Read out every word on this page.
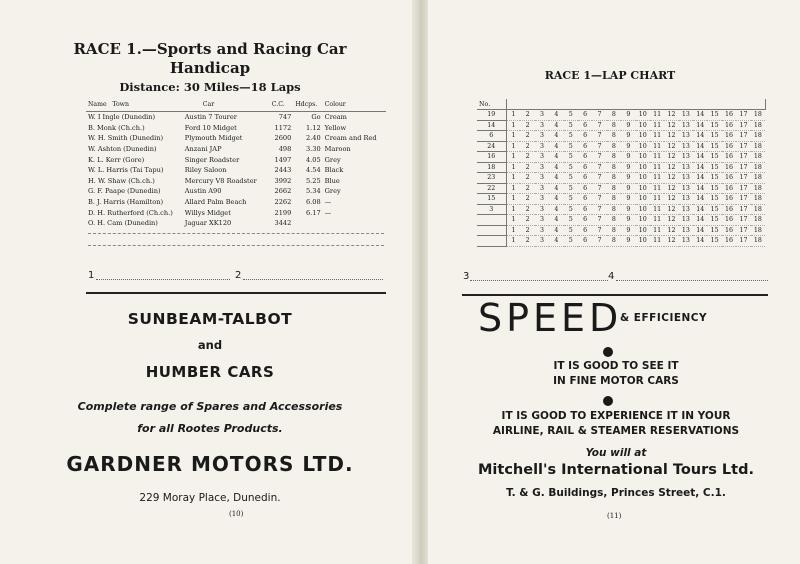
RACE 1.—Sports and Racing Car
Handicap
Distance: 30 Miles—18 Laps
Name	Town	Car	C.C.	Hdcps.	Colour
W. I Ingle (Dunedin)		Austin 7 Tourer	747	Go	Cream
B. Monk (Ch.ch.)		Ford 10 Midget	1172	1.12	Yellow
W. H. Smith (Dunedin)		Plymouth Midget	2600	2.40	Cream and Red
W. Ashton (Dunedin)		Anzani JAP	498	3.30	Maroon
K. L. Kerr (Gore)		Singer Roadster	1497	4.05	Grey
W. L. Harris (Tai Tapu)		Riley Saloon	2443	4.54	Black
H. W. Shaw (Ch.ch.)		Mercury V8 Roadster	3992	5.25	Blue
G. F. Paape (Dunedin)		Austin A90	2662	5.34	Grey
B. J. Harris (Hamilton)		Allard Palm Beach	2262	6.08	—
D. H. Rutherford (Ch.ch.)		Willys Midget	2199	6.17	—
O. H. Cam (Dunedin)		Jaguar XK120	3442		
1	2
SUNBEAM-TALBOT
and
HUMBER CARS
Complete range of Spares and Accessories
for all Rootes Products.
GARDNER MOTORS LTD.
229 Moray Place, Dunedin.
(10)
RACE 1—LAP CHART
No.																		
19	1	2	3	4	5	6	7	8	9	10	11	12	13	14	15	16	17	18
14	1	2	3	4	5	6	7	8	9	10	11	12	13	14	15	16	17	18
6	1	2	3	4	5	6	7	8	9	10	11	12	13	14	15	16	17	18
24	1	2	3	4	5	6	7	8	9	10	11	12	13	14	15	16	17	18
16	1	2	3	4	5	6	7	8	9	10	11	12	13	14	15	16	17	18
18	1	2	3	4	5	6	7	8	9	10	11	12	13	14	15	16	17	18
23	1	2	3	4	5	6	7	8	9	10	11	12	13	14	15	16	17	18
22	1	2	3	4	5	6	7	8	9	10	11	12	13	14	15	16	17	18
15	1	2	3	4	5	6	7	8	9	10	11	12	13	14	15	16	17	18
3	1	2	3	4	5	6	7	8	9	10	11	12	13	14	15	16	17	18
	1	2	3	4	5	6	7	8	9	10	11	12	13	14	15	16	17	18
	1	2	3	4	5	6	7	8	9	10	11	12	13	14	15	16	17	18
	1	2	3	4	5	6	7	8	9	10	11	12	13	14	15	16	17	18
3	4
SPEED
& EFFICIENCY
IT IS GOOD TO SEE IT
IN FINE MOTOR CARS
IT IS GOOD TO EXPERIENCE IT IN YOUR
AIRLINE, RAIL & STEAMER RESERVATIONS
You will at
Mitchell's International Tours Ltd.
T. & G. Buildings, Princes Street, C.1.
(11)
